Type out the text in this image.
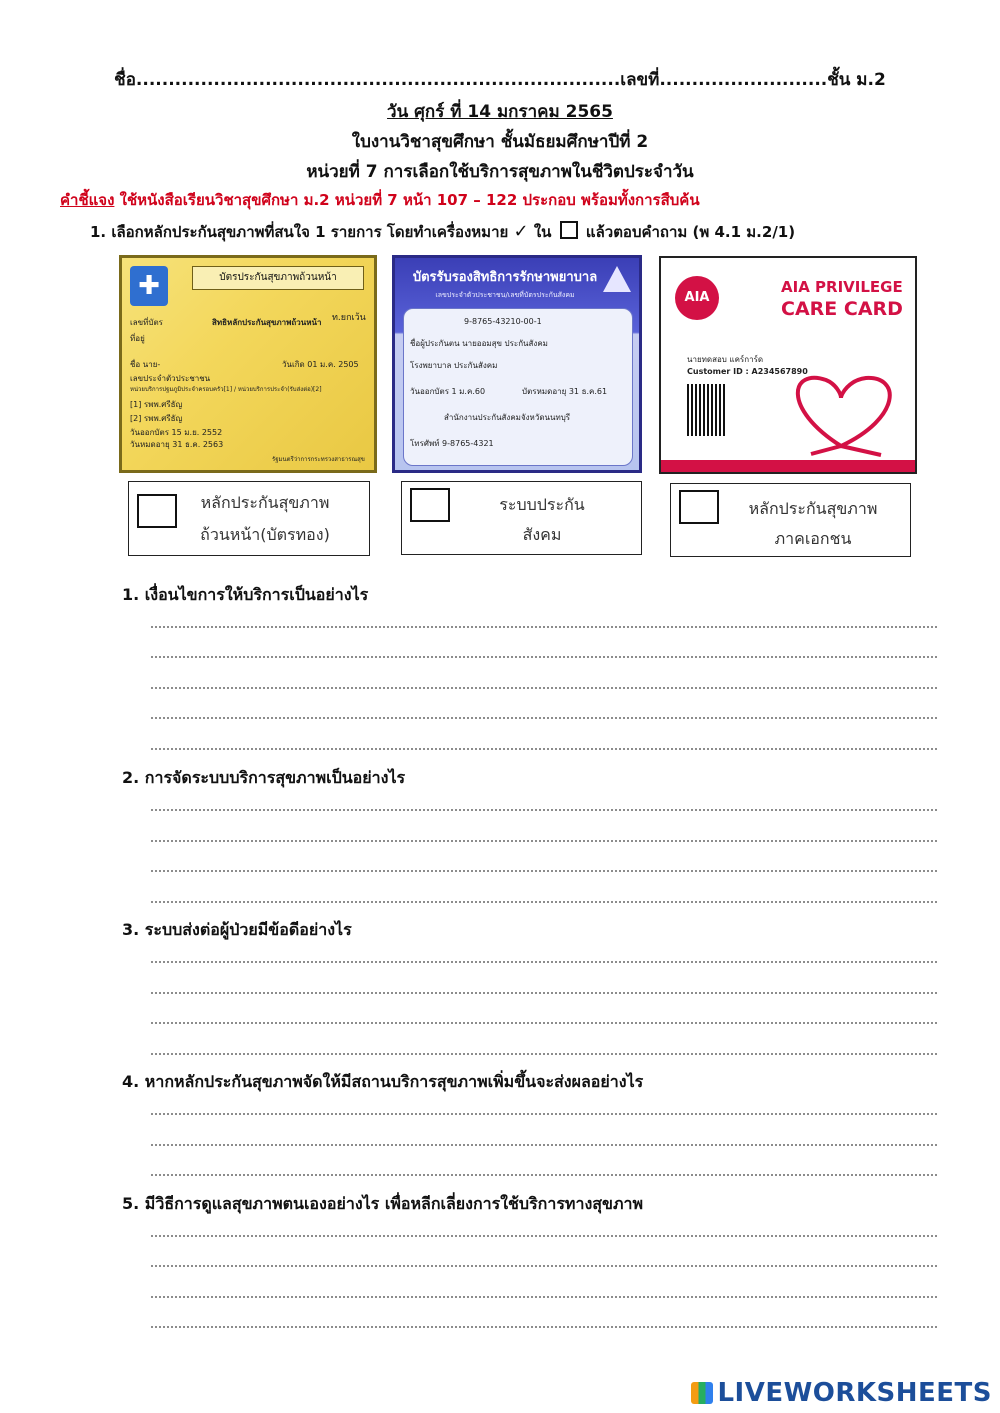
ชื่อ...........................................................................เลขที่..........................ชั้น ม.2
วัน ศุกร์ ที่ 14 มกราคม 2565
ใบงานวิชาสุขศึกษา ชั้นมัธยมศึกษาปีที่ 2
หน่วยที่ 7 การเลือกใช้บริการสุขภาพในชีวิตประจำวัน
คำชี้แจง ใช้หนังสือเรียนวิชาสุขศึกษา ม.2 หน่วยที่ 7 หน้า 107 – 122 ประกอบ พร้อมทั้งการสืบค้น
1. เลือกหลักประกันสุขภาพที่สนใจ 1 รายการ โดยทำเครื่องหมาย ✓ ใน แล้วตอบคำถาม (พ 4.1 ม.2/1)
✚	บัตรประกันสุขภาพถ้วนหน้า
เลขที่บัตร	สิทธิหลักประกันสุขภาพถ้วนหน้า ท.ยกเว้น
ที่อยู่
ชื่อ นาย-	วันเกิด 01 ม.ค. 2505
เลขประจำตัวประชาชน
หน่วยบริการปฐมภูมิประจำครอบครัว[1] / หน่วยบริการประจำ(รับส่งต่อ)[2]
[1] รพพ.ศรีธัญ
[2] รพพ.ศรีธัญ
วันออกบัตร 15 ม.ย. 2552
วันหมดอายุ 31 ธ.ค. 2563
รัฐมนตรีว่าการกระทรวงสาธารณสุข
บัตรรับรองสิทธิการรักษาพยาบาล
เลขประจำตัวประชาชน/เลขที่บัตรประกันสังคม
9-8765-43210-00-1
ชื่อผู้ประกันตน นายออมสุข ประกันสังคม
โรงพยาบาล ประกันสังคม
วันออกบัตร 1 ม.ค.60	บัตรหมดอายุ 31 ธ.ค.61
สำนักงานประกันสังคมจังหวัดนนทบุรี
โทรศัพท์ 9-8765-4321
AIA
AIA PRIVILEGE
CARE CARD
นายทดสอบ แคร์การ์ด
Customer ID : A234567890
หลักประกันสุขภาพ
ถ้วนหน้า(บัตรทอง)
ระบบประกัน
สังคม
หลักประกันสุขภาพ
ภาคเอกชน
1. เงื่อนไขการให้บริการเป็นอย่างไร
2. การจัดระบบบริการสุขภาพเป็นอย่างไร
3. ระบบส่งต่อผู้ป่วยมีข้อดีอย่างไร
4. หากหลักประกันสุขภาพจัดให้มีสถานบริการสุขภาพเพิ่มขึ้นจะส่งผลอย่างไร
5. มีวิธีการดูแลสุขภาพตนเองอย่างไร เพื่อหลีกเลี่ยงการใช้บริการทางสุขภาพ
LIVEWORKSHEETS
